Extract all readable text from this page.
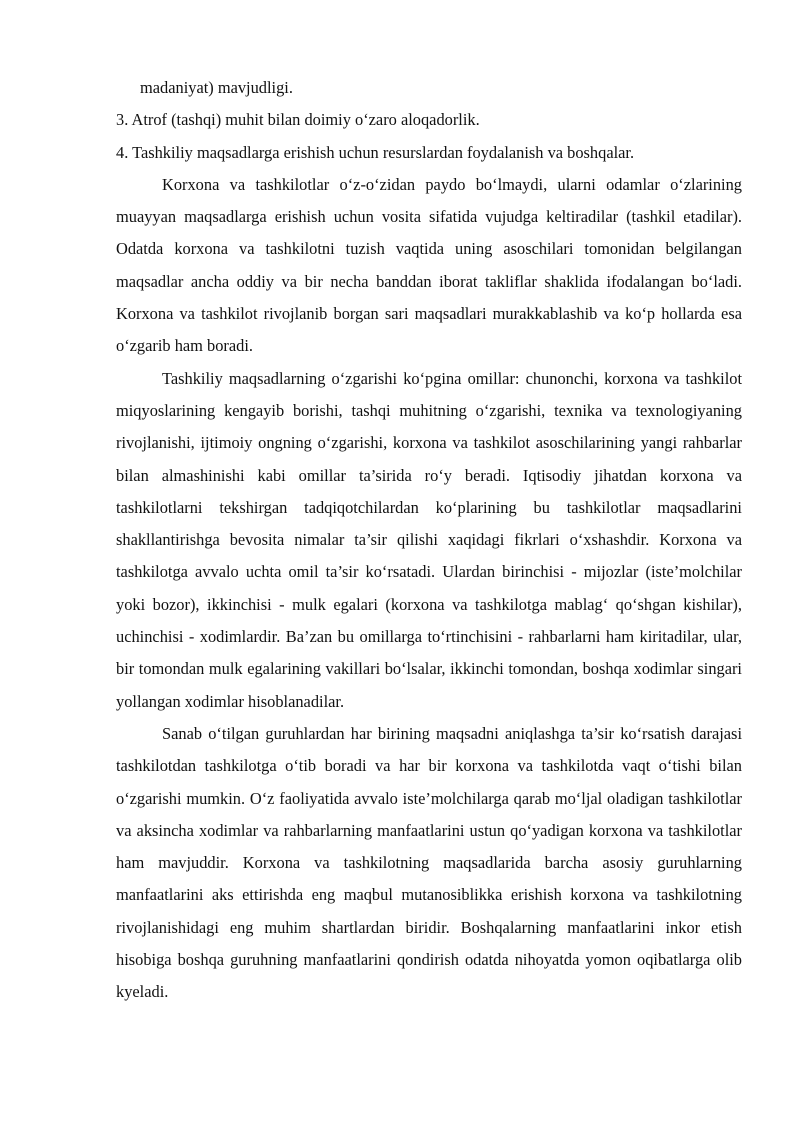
madaniyat) mavjudligi.
3. Atrof (tashqi) muhit bilan doimiy o‘zaro aloqadorlik.
4. Tashkiliy maqsadlarga erishish uchun resurslardan foydalanish va boshqalar.

Korxona va tashkilotlar o‘z-o‘zidan paydo bo‘lmaydi, ularni odamlar o‘zlarining muayyan maqsadlarga erishish uchun vosita sifatida vujudga keltiradilar (tashkil etadilar). Odatda korxona va tashkilotni tuzish vaqtida uning asoschilari tomonidan belgilangan maqsadlar ancha oddiy va bir necha banddan iborat takliflar shaklida ifodalangan bo‘ladi. Korxona va tashkilot rivojlanib borgan sari maqsadlari murakkablashib va ko‘p hollarda esa o‘zgarib ham boradi.

Tashkiliy maqsadlarning o‘zgarishi ko‘pgina omillar: chunonchi, korxona va tashkilot miqyoslarining kengayib borishi, tashqi muhitning o‘zgarishi, texnika va texnologiyaning rivojlanishi, ijtimoiy ongning o‘zgarishi, korxona va tashkilot asoschilarining yangi rahbarlar bilan almashinishi kabi omillar ta’sirida ro‘y beradi. Iqtisodiy jihatdan korxona va tashkilotlarni tekshirgan tadqiqotchilardan ko‘plarining bu tashkilotlar maqsadlarini shakllantirishga bevosita nimalar ta’sir qilishi xaqidagi fikrlari o‘xshashdir. Korxona va tashkilotga avvalo uchta omil ta’sir ko‘rsatadi. Ulardan birinchisi - mijozlar (iste’molchilar yoki bozor), ikkinchisi - mulk egalari (korxona va tashkilotga mablag‘ qo‘shgan kishilar), uchinchisi - xodimlardir. Ba’zan bu omillarga to‘rtinchisini - rahbarlarni ham kiritadilar, ular, bir tomondan mulk egalarining vakillari bo‘lsalar, ikkinchi tomondan, boshqa xodimlar singari yollangan xodimlar hisoblanadilar.

Sanab o‘tilgan guruhlardan har birining maqsadni aniqlashga ta’sir ko‘rsatish darajasi tashkilotdan tashkilotga o‘tib boradi va har bir korxona va tashkilotda vaqt o‘tishi bilan o‘zgarishi mumkin. O‘z faoliyatida avvalo iste’molchilarga qarab mo‘ljal oladigan tashkilotlar va aksincha xodimlar va rahbarlarning manfaatlarini ustun qo‘yadigan korxona va tashkilotlar ham mavjuddir. Korxona va tashkilotning maqsadlarida barcha asosiy guruhlarning manfaatlarini aks ettirishda eng maqbul mutanosiblikka erishish korxona va tashkilotning rivojlanishidagi eng muhim shartlardan biridir. Boshqalarning manfaatlarini inkor etish hisobiga boshqa guruhning manfaatlarini qondirish odatda nihoyatda yomon oqibatlarga olib kyeladi.
